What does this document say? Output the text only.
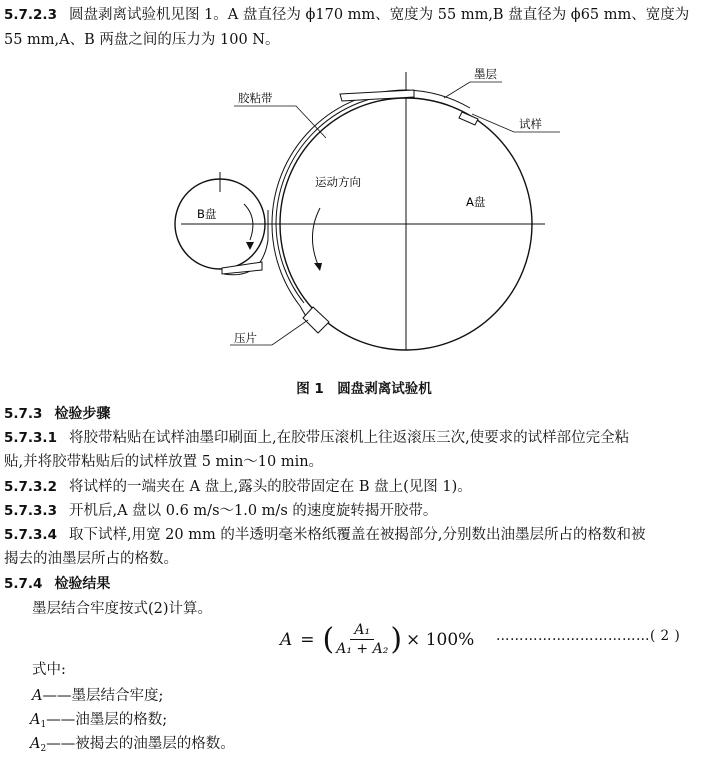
5.7.2.3 圆盘剥离试验机见图 1。A 盘直径为 ϕ170 mm、宽度为 55 mm,B 盘直径为 ϕ65 mm、宽度为
55 mm,A、B 两盘之间的压力为 100 N。
墨层
胶粘带
试样
运动方向
A盘
B盘
压片
图 1　圆盘剥离试验机
5.7.3 检验步骤
5.7.3.1 将胶带粘贴在试样油墨印刷面上,在胶带压滚机上往返滚压三次,使要求的试样部位完全粘
贴,并将胶带粘贴后的试样放置 5 min～10 min。
5.7.3.2 将试样的一端夹在 A 盘上,露头的胶带固定在 B 盘上(见图 1)。
5.7.3.3 开机后,A 盘以 0.6 m/s～1.0 m/s 的速度旋转揭开胶带。
5.7.3.4 取下试样,用宽 20 mm 的半透明毫米格纸覆盖在被揭部分,分别数出油墨层所占的格数和被
揭去的油墨层所占的格数。
5.7.4 检验结果
墨层结合牢度按式(2)计算。
A = ( $\frac{\text{A₁}}{\text{A₁ + A₂}}$ ) × 100% ……………………………( 2 )
式中:
A——墨层结合牢度;
$A_1——$油墨层的格数;
$A_2——$被揭去的油墨层的格数。
